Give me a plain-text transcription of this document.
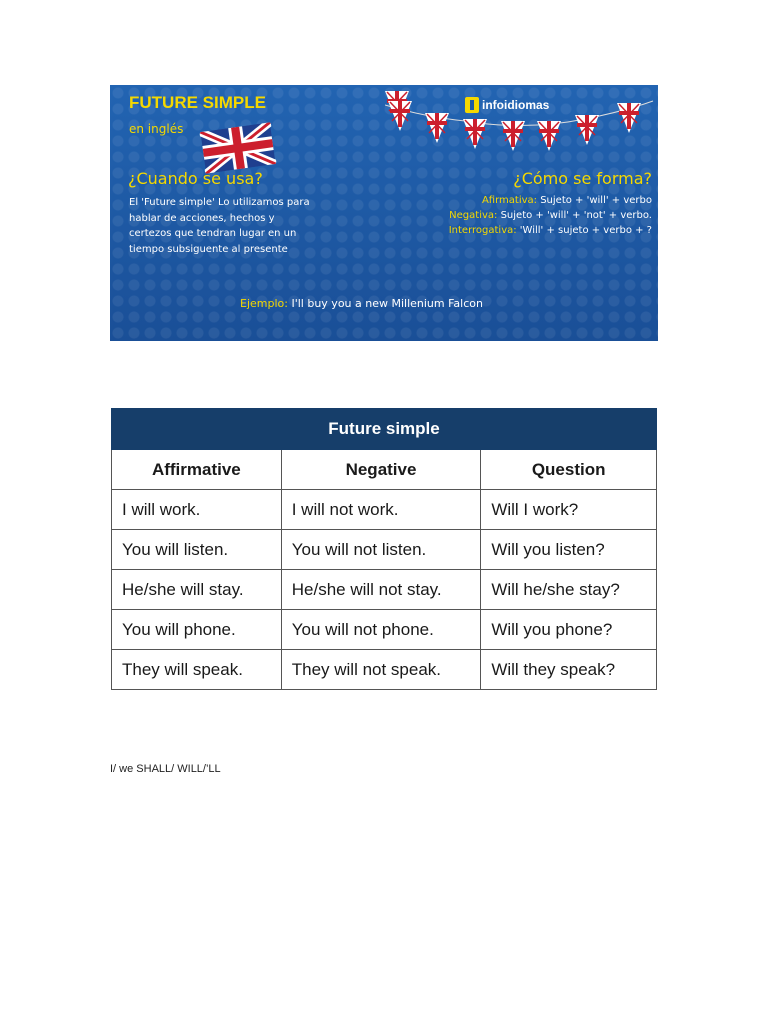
infoidiomas
FUTURE SIMPLE
en inglés
¿Cuando se usa?	¿Cómo se forma?
El 'Future simple' Lo utilizamos para hablar de acciones, hechos y certezos que tendran lugar en un tiempo subsiguente al presente
Afirmativa: Sujeto + 'will' + verbo
Negativa: Sujeto + 'will' + 'not' + verbo.
Interrogativa: 'Will' + sujeto + verbo + ?
Ejemplo: I'll buy you a new Millenium Falcon
Future simple		
Affirmative	Negative	Question
I will work.	I will not work.	Will I work?
You will listen.	You will not listen.	Will you listen?
He/she will stay.	He/she will not stay.	Will he/she stay?
You will phone.	You will not phone.	Will you phone?
They will speak.	They will not speak.	Will they speak?
I/ we SHALL/ WILL/’LL
